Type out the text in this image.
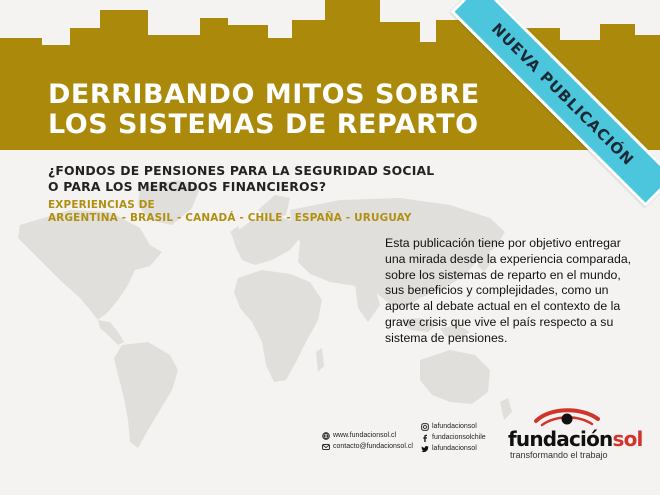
NUEVA PUBLICACIÓN
DERRIBANDO MITOS SOBRE
LOS SISTEMAS DE REPARTO
¿FONDOS DE PENSIONES PARA LA SEGURIDAD SOCIAL
O PARA LOS MERCADOS FINANCIEROS?
EXPERIENCIAS DE
ARGENTINA - BRASIL - CANADÁ - CHILE - ESPAÑA - URUGUAY

Esta publicación tiene por objetivo entregar una mirada desde la experiencia comparada, sobre los sistemas de reparto en el mundo, sus beneficios y complejidades, como un aporte al debate actual en el contexto de la grave crisis que vive el país respecto a su sistema de pensiones.

www.fundacionsol.cl
contacto@fundacionsol.cl
lafundacionsol
fundacionsolchile
lafundacionsol fundaciónsol
transformando el trabajo
